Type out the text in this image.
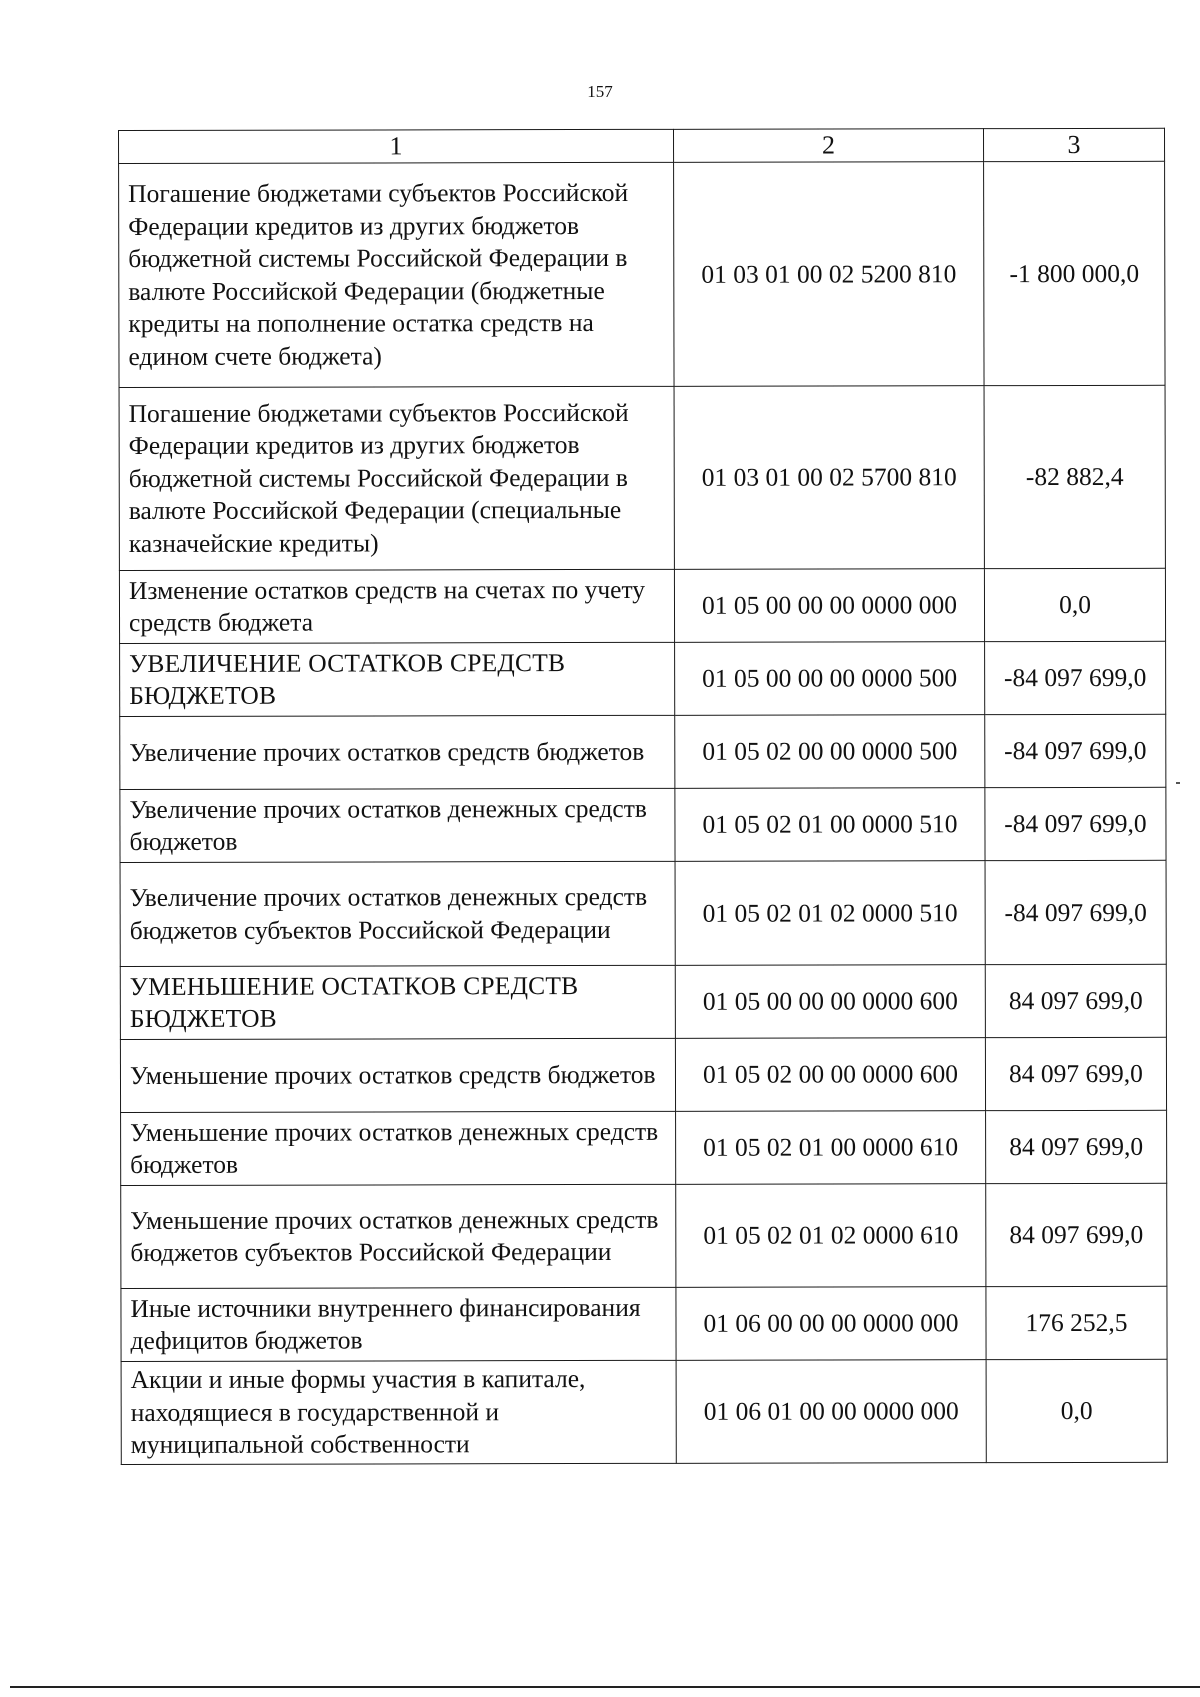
157
1	2	3
Погашение бюджетами субъектов Российской Федерации кредитов из других бюджетов бюджетной системы Российской Федерации в валюте Российской Федерации (бюджетные кредиты на пополнение остатка средств на едином счете бюджета)	01 03 01 00 02 5200 810	-1 800 000,0
Погашение бюджетами субъектов Российской Федерации кредитов из других бюджетов бюджетной системы Российской Федерации в валюте Российской Федерации (специальные казначейские кредиты)	01 03 01 00 02 5700 810	-82 882,4
Изменение остатков средств на счетах по учету средств бюджета	01 05 00 00 00 0000 000	0,0
УВЕЛИЧЕНИЕ ОСТАТКОВ СРЕДСТВ БЮДЖЕТОВ	01 05 00 00 00 0000 500	-84 097 699,0
Увеличение прочих остатков средств бюджетов	01 05 02 00 00 0000 500	-84 097 699,0
Увеличение прочих остатков денежных средств бюджетов	01 05 02 01 00 0000 510	-84 097 699,0
Увеличение прочих остатков денежных средств бюджетов субъектов Российской Федерации	01 05 02 01 02 0000 510	-84 097 699,0
УМЕНЬШЕНИЕ ОСТАТКОВ СРЕДСТВ БЮДЖЕТОВ	01 05 00 00 00 0000 600	84 097 699,0
Уменьшение прочих остатков средств бюджетов	01 05 02 00 00 0000 600	84 097 699,0
Уменьшение прочих остатков денежных средств бюджетов	01 05 02 01 00 0000 610	84 097 699,0
Уменьшение прочих остатков денежных средств бюджетов субъектов Российской Федерации	01 05 02 01 02 0000 610	84 097 699,0
Иные источники внутреннего финансирования дефицитов бюджетов	01 06 00 00 00 0000 000	176 252,5
Акции и иные формы участия в капитале, находящиеся в государственной и муниципальной собственности	01 06 01 00 00 0000 000	0,0
